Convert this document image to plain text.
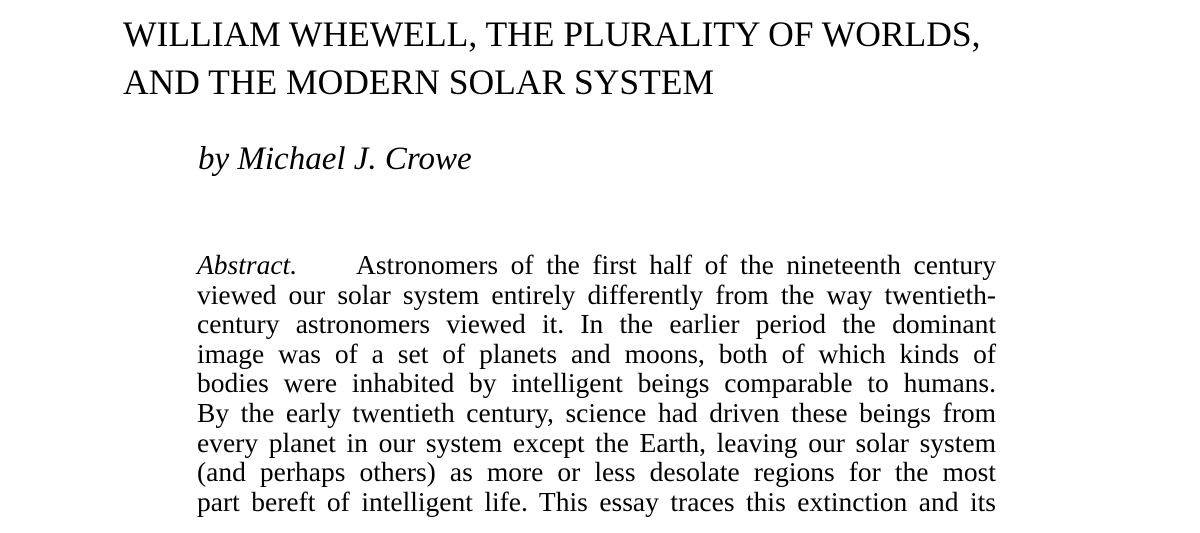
WILLIAM WHEWELL, THE PLURALITY OF WORLDS,
AND THE MODERN SOLAR SYSTEM

by Michael J. Crowe

Abstract. Astronomers of the first half of the nineteenth century
viewed our solar system entirely differently from the way twentieth-
century astronomers viewed it. In the earlier period the dominant
image was of a set of planets and moons, both of which kinds of
bodies were inhabited by intelligent beings comparable to humans.
By the early twentieth century, science had driven these beings from
every planet in our system except the Earth, leaving our solar system
(and perhaps others) as more or less desolate regions for the most
part bereft of intelligent life. This essay traces this extinction and its
